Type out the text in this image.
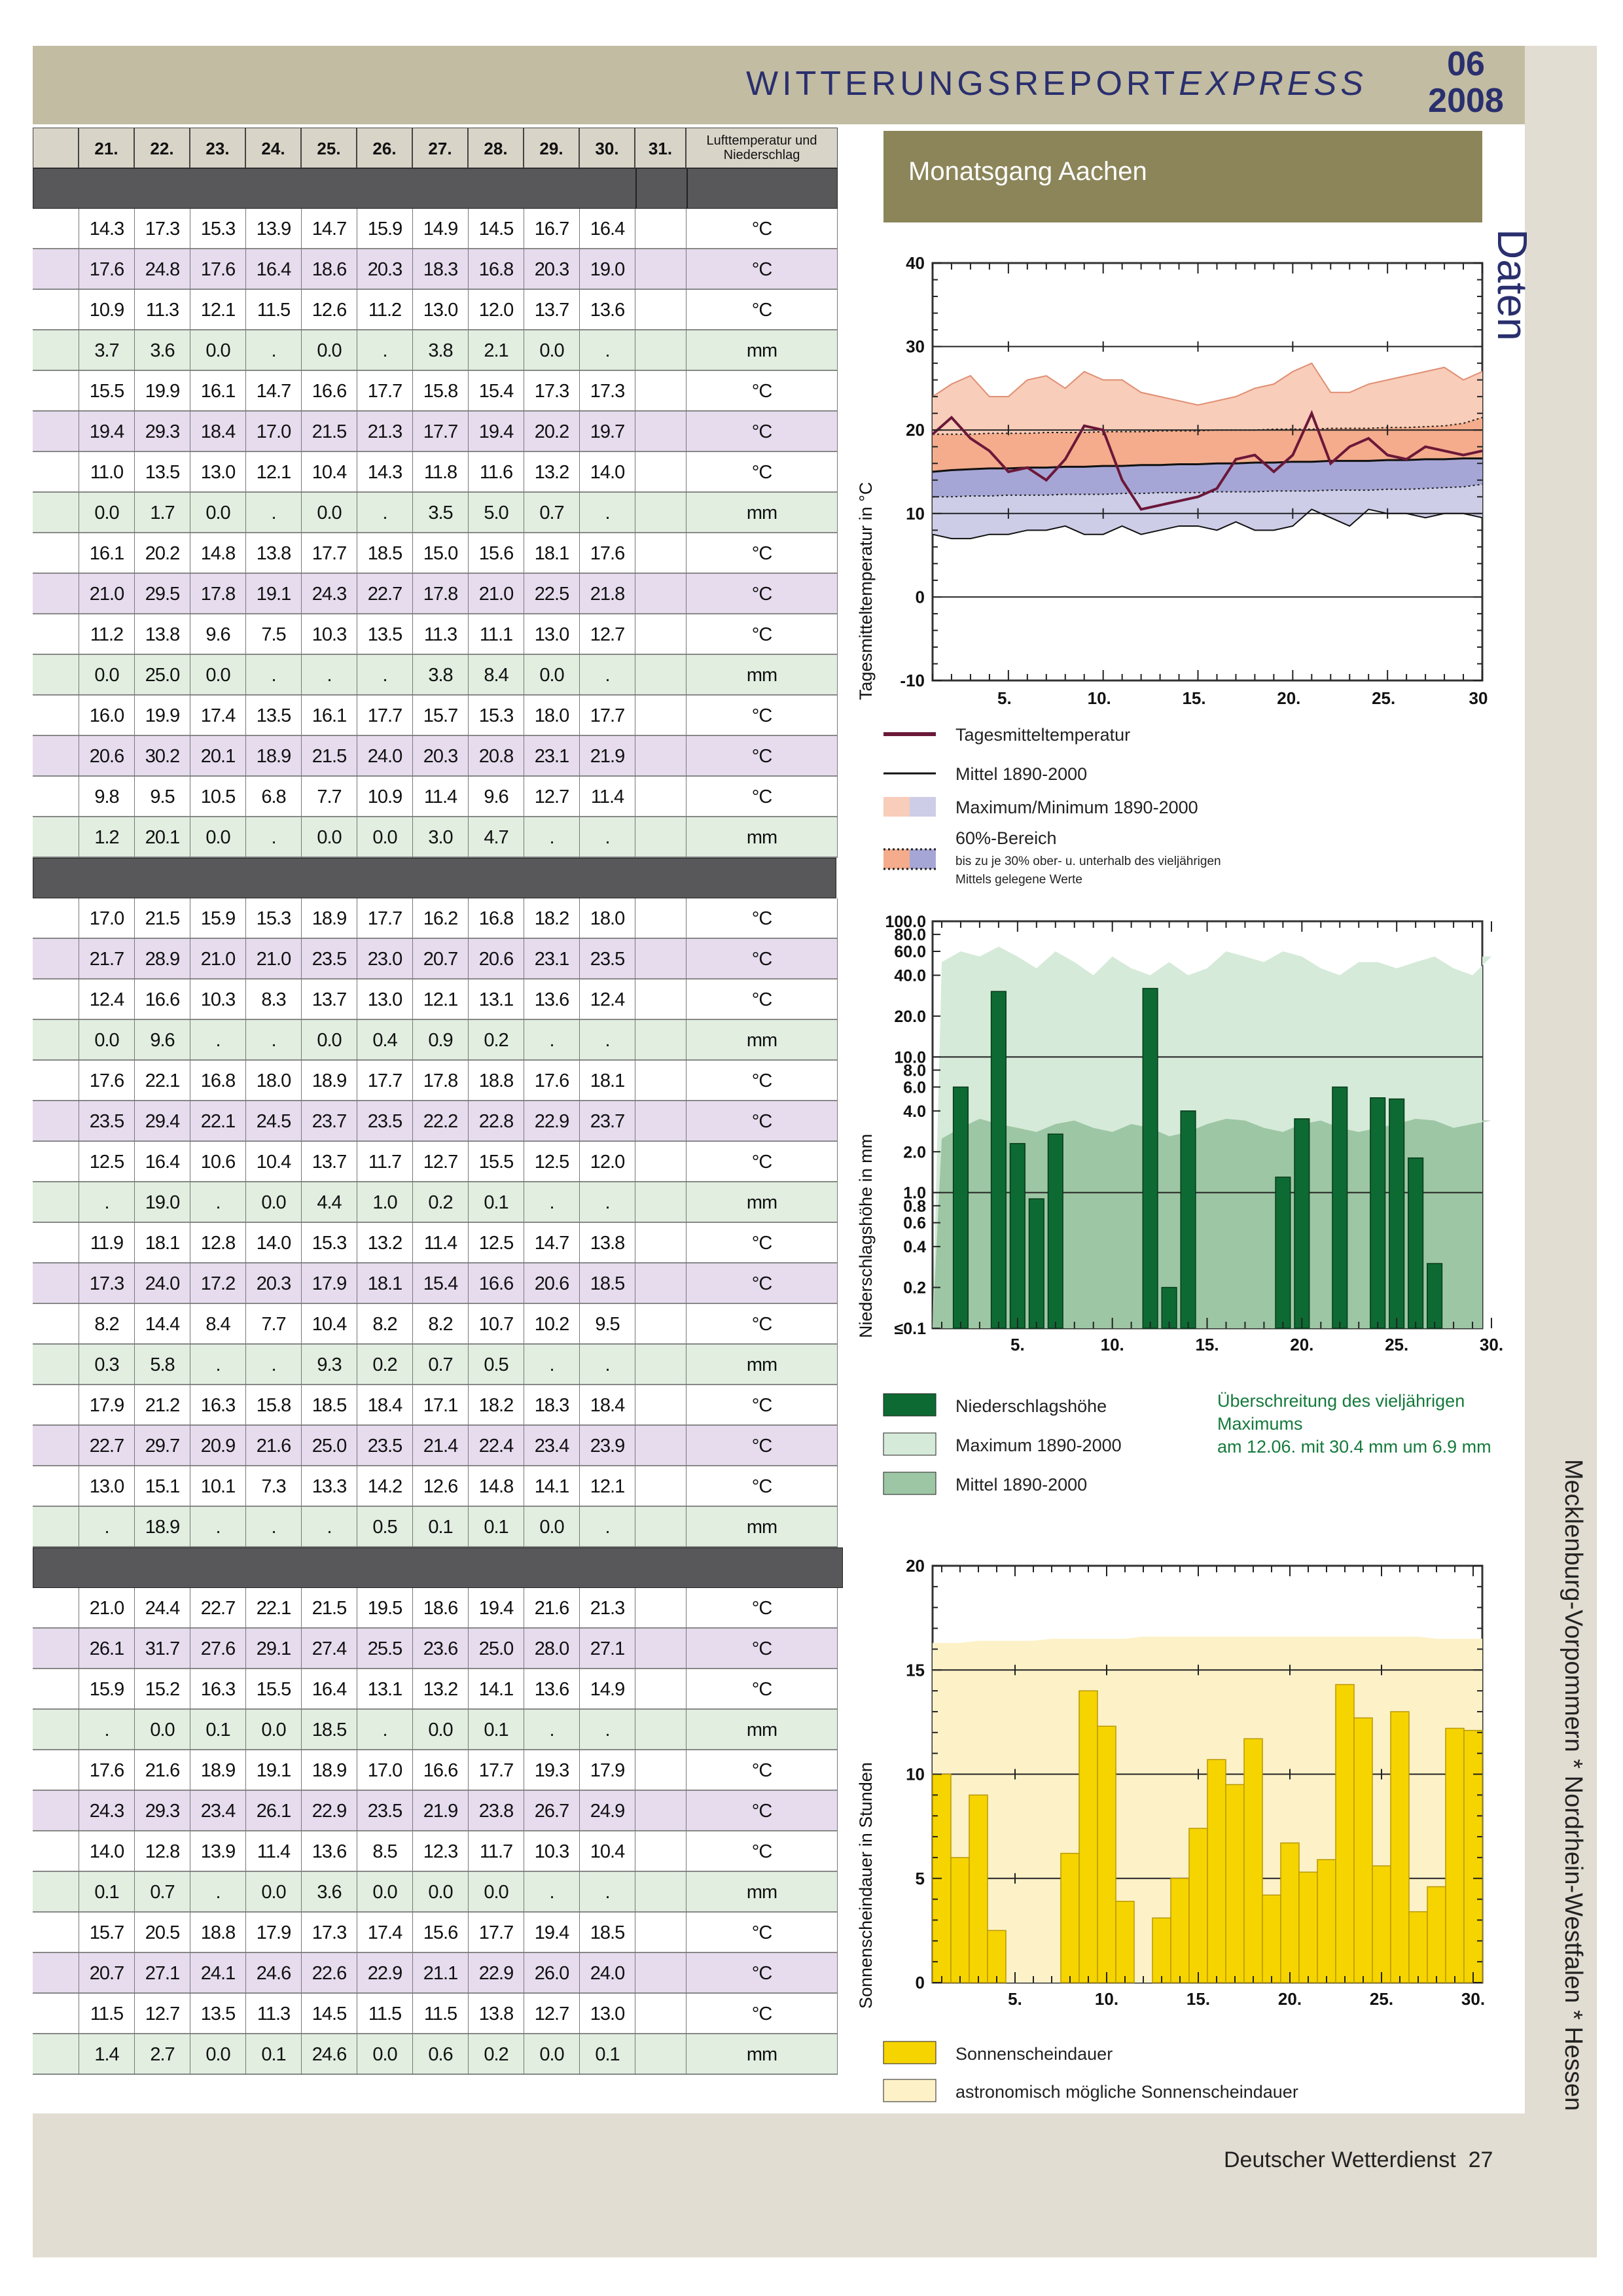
WITTERUNGSREPORTEXPRESS
06
2008
Daten
Mecklenburg-Vorpommern * Nordrhein-Westfalen * Hessen
Deutscher Wetterdienst 27
21.	22.	23.	24.	25.	26.	27.	28.	29.	30.	31.	Lufttemperatur und Niederschlag
14.3	17.3	15.3	13.9	14.7	15.9	14.9	14.5	16.7	16.4	°C
17.6	24.8	17.6	16.4	18.6	20.3	18.3	16.8	20.3	19.0	°C
10.9	11.3	12.1	11.5	12.6	11.2	13.0	12.0	13.7	13.6	°C
3.7	3.6	0.0	.	0.0	.	3.8	2.1	0.0	.	mm
15.5	19.9	16.1	14.7	16.6	17.7	15.8	15.4	17.3	17.3	°C
19.4	29.3	18.4	17.0	21.5	21.3	17.7	19.4	20.2	19.7	°C
11.0	13.5	13.0	12.1	10.4	14.3	11.8	11.6	13.2	14.0	°C
0.0	1.7	0.0	.	0.0	.	3.5	5.0	0.7	.	mm
16.1	20.2	14.8	13.8	17.7	18.5	15.0	15.6	18.1	17.6	°C
21.0	29.5	17.8	19.1	24.3	22.7	17.8	21.0	22.5	21.8	°C
11.2	13.8	9.6	7.5	10.3	13.5	11.3	11.1	13.0	12.7	°C
0.0	25.0	0.0	.	.	.	3.8	8.4	0.0	.	mm
16.0	19.9	17.4	13.5	16.1	17.7	15.7	15.3	18.0	17.7	°C
20.6	30.2	20.1	18.9	21.5	24.0	20.3	20.8	23.1	21.9	°C
9.8	9.5	10.5	6.8	7.7	10.9	11.4	9.6	12.7	11.4	°C
1.2	20.1	0.0	.	0.0	0.0	3.0	4.7	.	.	mm
17.0	21.5	15.9	15.3	18.9	17.7	16.2	16.8	18.2	18.0	°C
21.7	28.9	21.0	21.0	23.5	23.0	20.7	20.6	23.1	23.5	°C
12.4	16.6	10.3	8.3	13.7	13.0	12.1	13.1	13.6	12.4	°C
0.0	9.6	.	.	0.0	0.4	0.9	0.2	.	.	mm
17.6	22.1	16.8	18.0	18.9	17.7	17.8	18.8	17.6	18.1	°C
23.5	29.4	22.1	24.5	23.7	23.5	22.2	22.8	22.9	23.7	°C
12.5	16.4	10.6	10.4	13.7	11.7	12.7	15.5	12.5	12.0	°C
.	19.0	.	0.0	4.4	1.0	0.2	0.1	.	.	mm
11.9	18.1	12.8	14.0	15.3	13.2	11.4	12.5	14.7	13.8	°C
17.3	24.0	17.2	20.3	17.9	18.1	15.4	16.6	20.6	18.5	°C
8.2	14.4	8.4	7.7	10.4	8.2	8.2	10.7	10.2	9.5	°C
0.3	5.8	.	.	9.3	0.2	0.7	0.5	.	.	mm
17.9	21.2	16.3	15.8	18.5	18.4	17.1	18.2	18.3	18.4	°C
22.7	29.7	20.9	21.6	25.0	23.5	21.4	22.4	23.4	23.9	°C
13.0	15.1	10.1	7.3	13.3	14.2	12.6	14.8	14.1	12.1	°C
.	18.9	.	.	.	0.5	0.1	0.1	0.0	.	mm
21.0	24.4	22.7	22.1	21.5	19.5	18.6	19.4	21.6	21.3	°C
26.1	31.7	27.6	29.1	27.4	25.5	23.6	25.0	28.0	27.1	°C
15.9	15.2	16.3	15.5	16.4	13.1	13.2	14.1	13.6	14.9	°C
.	0.0	0.1	0.0	18.5	.	0.0	0.1	.	.	mm
17.6	21.6	18.9	19.1	18.9	17.0	16.6	17.7	19.3	17.9	°C
24.3	29.3	23.4	26.1	22.9	23.5	21.9	23.8	26.7	24.9	°C
14.0	12.8	13.9	11.4	13.6	8.5	12.3	11.7	10.3	10.4	°C
0.1	0.7	.	0.0	3.6	0.0	0.0	0.0	.	.	mm
15.7	20.5	18.8	17.9	17.3	17.4	15.6	17.7	19.4	18.5	°C
20.7	27.1	24.1	24.6	22.6	22.9	21.1	22.9	26.0	24.0	°C
11.5	12.7	13.5	11.3	14.5	11.5	11.5	13.8	12.7	13.0	°C
1.4	2.7	0.0	0.1	24.6	0.0	0.6	0.2	0.0	0.1	mm
Monatsgang Aachen
40
30
20
10
0
-10
5.	10.	15.	20.	25.	30
Tagesmitteltemperatur in °C
Tagesmitteltemperatur
Mittel 1890-2000
Maximum/Minimum 1890-2000
60%-Bereich
bis zu je 30% ober- u. unterhalb des vieljährigen
Mittels gelegene Werte
100.0
80.0
60.0
40.0
20.0
10.0
8.0
6.0
4.0
2.0
1.0
0.8
0.6
0.4
0.2
≤0.1
5.	10.	15.	20.	25.	30.
Niederschlagshöhe in mm
Niederschlagshöhe
Maximum 1890-2000
Mittel 1890-2000
Überschreitung des vieljährigen
Maximums
am 12.06. mit 30.4 mm um 6.9 mm
20
15
10
5
0
5.	10.	15.	20.	25.	30.
Sonnenscheindauer in Stunden
Sonnenscheindauer
astronomisch mögliche Sonnenscheindauer
